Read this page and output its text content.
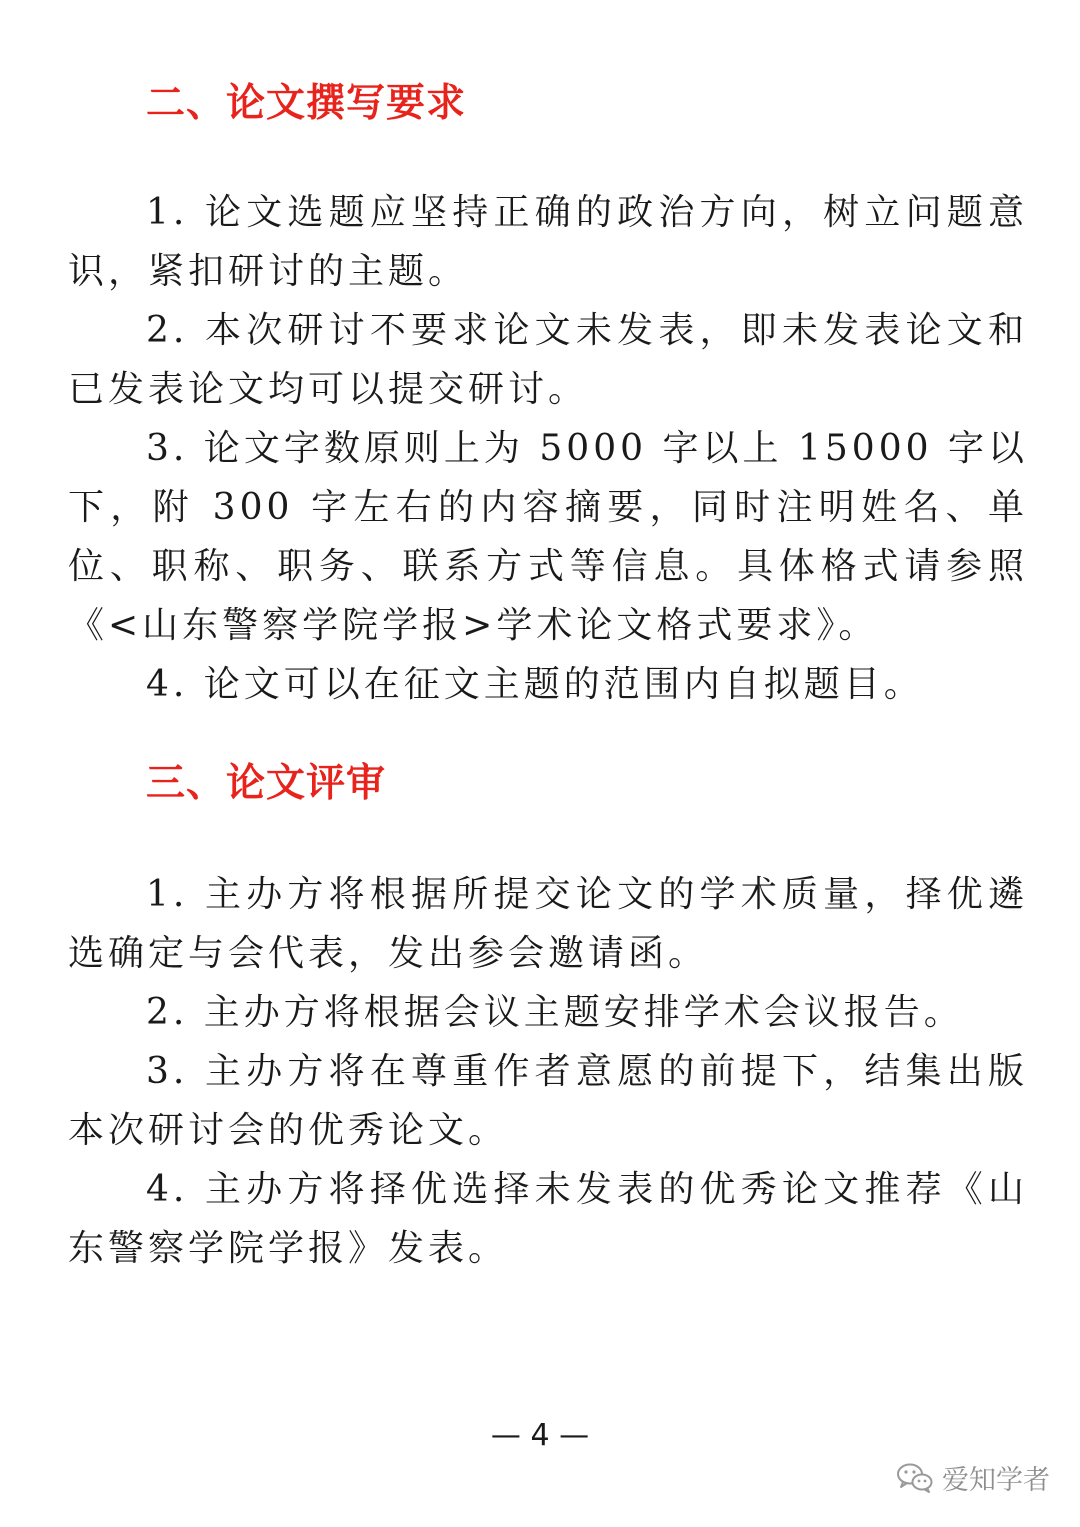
二、论文撰写要求

1. 论文选题应坚持正确的政治方向，树立问题意识，紧扣研讨的主题。

2. 本次研讨不要求论文未发表，即未发表论文和已发表论文均可以提交研讨。

3. 论文字数原则上为 5000 字以上 15000 字以下，附 300 字左右的内容摘要，同时注明姓名、单位、职称、职务、联系方式等信息。具体格式请参照《<山东警察学院学报>学术论文格式要求》。

4. 论文可以在征文主题的范围内自拟题目。

三、论文评审

1. 主办方将根据所提交论文的学术质量，择优遴选确定与会代表，发出参会邀请函。

2. 主办方将根据会议主题安排学术会议报告。

3. 主办方将在尊重作者意愿的前提下，结集出版本次研讨会的优秀论文。

4. 主办方将择优选择未发表的优秀论文推荐《山东警察学院学报》发表。

— 4 —
爱知学者
